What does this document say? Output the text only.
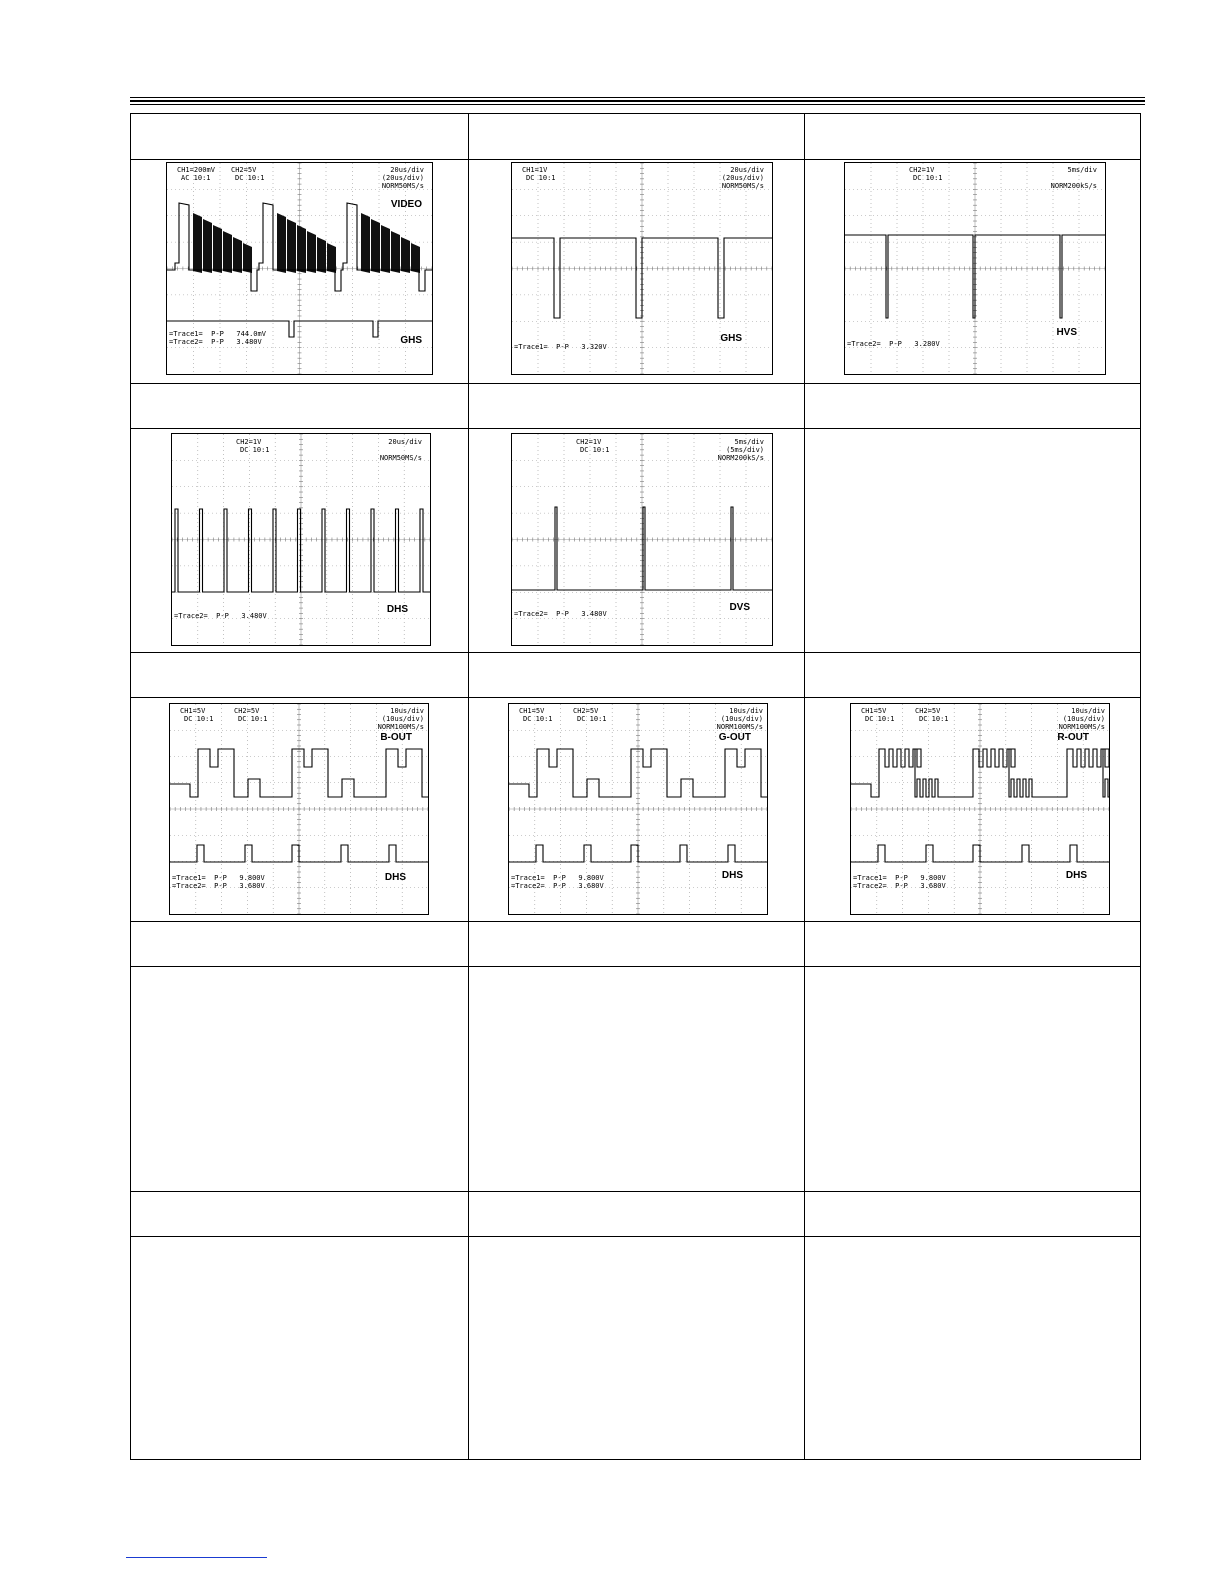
CH1=200mV
AC 10:1
CH2=5V
DC 10:1
20us/div
(20us/div)
NORM50MS/s
VIDEO
GHS
=Trace1=  P-P   744.0mV
=Trace2=  P-P   3.480V
CH1=1V
DC 10:1
20us/div
(20us/div)
NORM50MS/s
GHS
=Trace1=  P-P   3.320V
CH2=1V
DC 10:1
5ms/div
NORM200kS/s
HVS
=Trace2=  P-P   3.280V
CH2=1V
DC 10:1
20us/div
NORM50MS/s
DHS
=Trace2=  P-P   3.480V
CH2=1V
DC 10:1
5ms/div
(5ms/div)
NORM200kS/s
DVS
=Trace2=  P-P   3.480V
CH1=5V
DC 10:1
CH2=5V
DC 10:1
10us/div
(10us/div)
NORM100MS/s
B-OUT
DHS
=Trace1=  P-P   9.800V
=Trace2=  P-P   3.680V
CH1=5V
DC 10:1
CH2=5V
DC 10:1
10us/div
(10us/div)
NORM100MS/s
G-OUT
DHS
=Trace1=  P-P   9.800V
=Trace2=  P-P   3.680V
CH1=5V
DC 10:1
CH2=5V
DC 10:1
10us/div
(10us/div)
NORM100MS/s
R-OUT
DHS
=Trace1=  P-P   9.800V
=Trace2=  P-P   3.680V
